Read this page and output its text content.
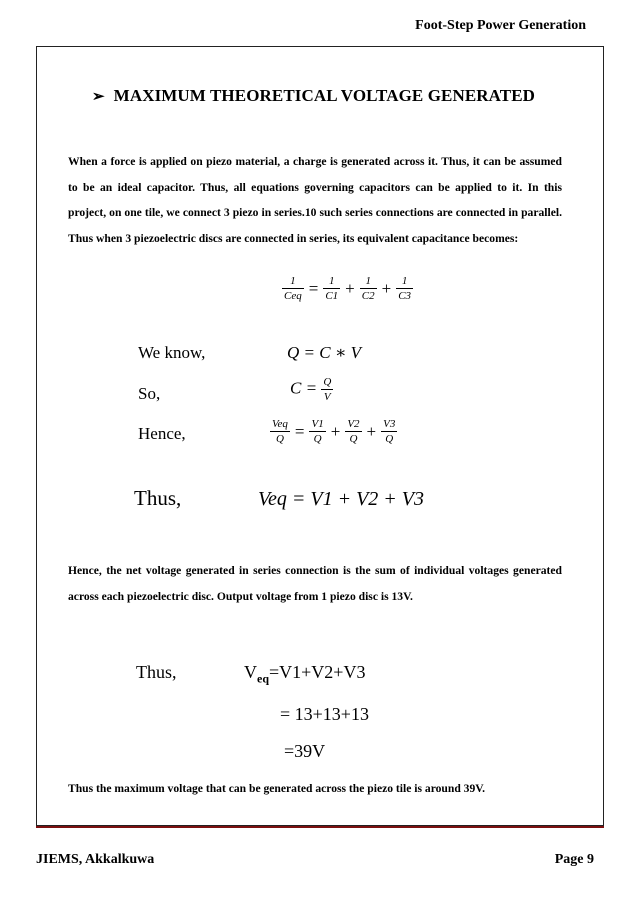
Foot-Step Power Generation
➢ MAXIMUM THEORETICAL VOLTAGE GENERATED
When a force is applied on piezo material, a charge is generated across it. Thus, it can be assumed to be an ideal capacitor. Thus, all equations governing capacitors can be applied to it. In this project, on one tile, we connect 3 piezo in series.10 such series connections are connected in parallel. Thus when 3 piezoelectric discs are connected in series, its equivalent capacitance becomes:
$\frac{1}{\text{Ceq}} = \frac{1}{C1} + \frac{1}{C2} + \frac{1}{C3}$
We know,	Q = C ∗ V
So,	$C = \frac{Q}{V}$
Hence,	$\frac{\text{Veq}}{Q} = \frac{V1}{Q} + \frac{V2}{Q} + \frac{V3}{Q}$
Thus,	Veq = V1 + V2 + V3
Hence, the net voltage generated in series connection is the sum of individual voltages generated across each piezoelectric disc. Output voltage from 1 piezo disc is 13V.
Thus,	$V_{eq}=V1+V2+V3$
= 13+13+13
=39V
Thus the maximum voltage that can be generated across the piezo tile is around 39V.
JIEMS, Akkalkuwa	Page 9
